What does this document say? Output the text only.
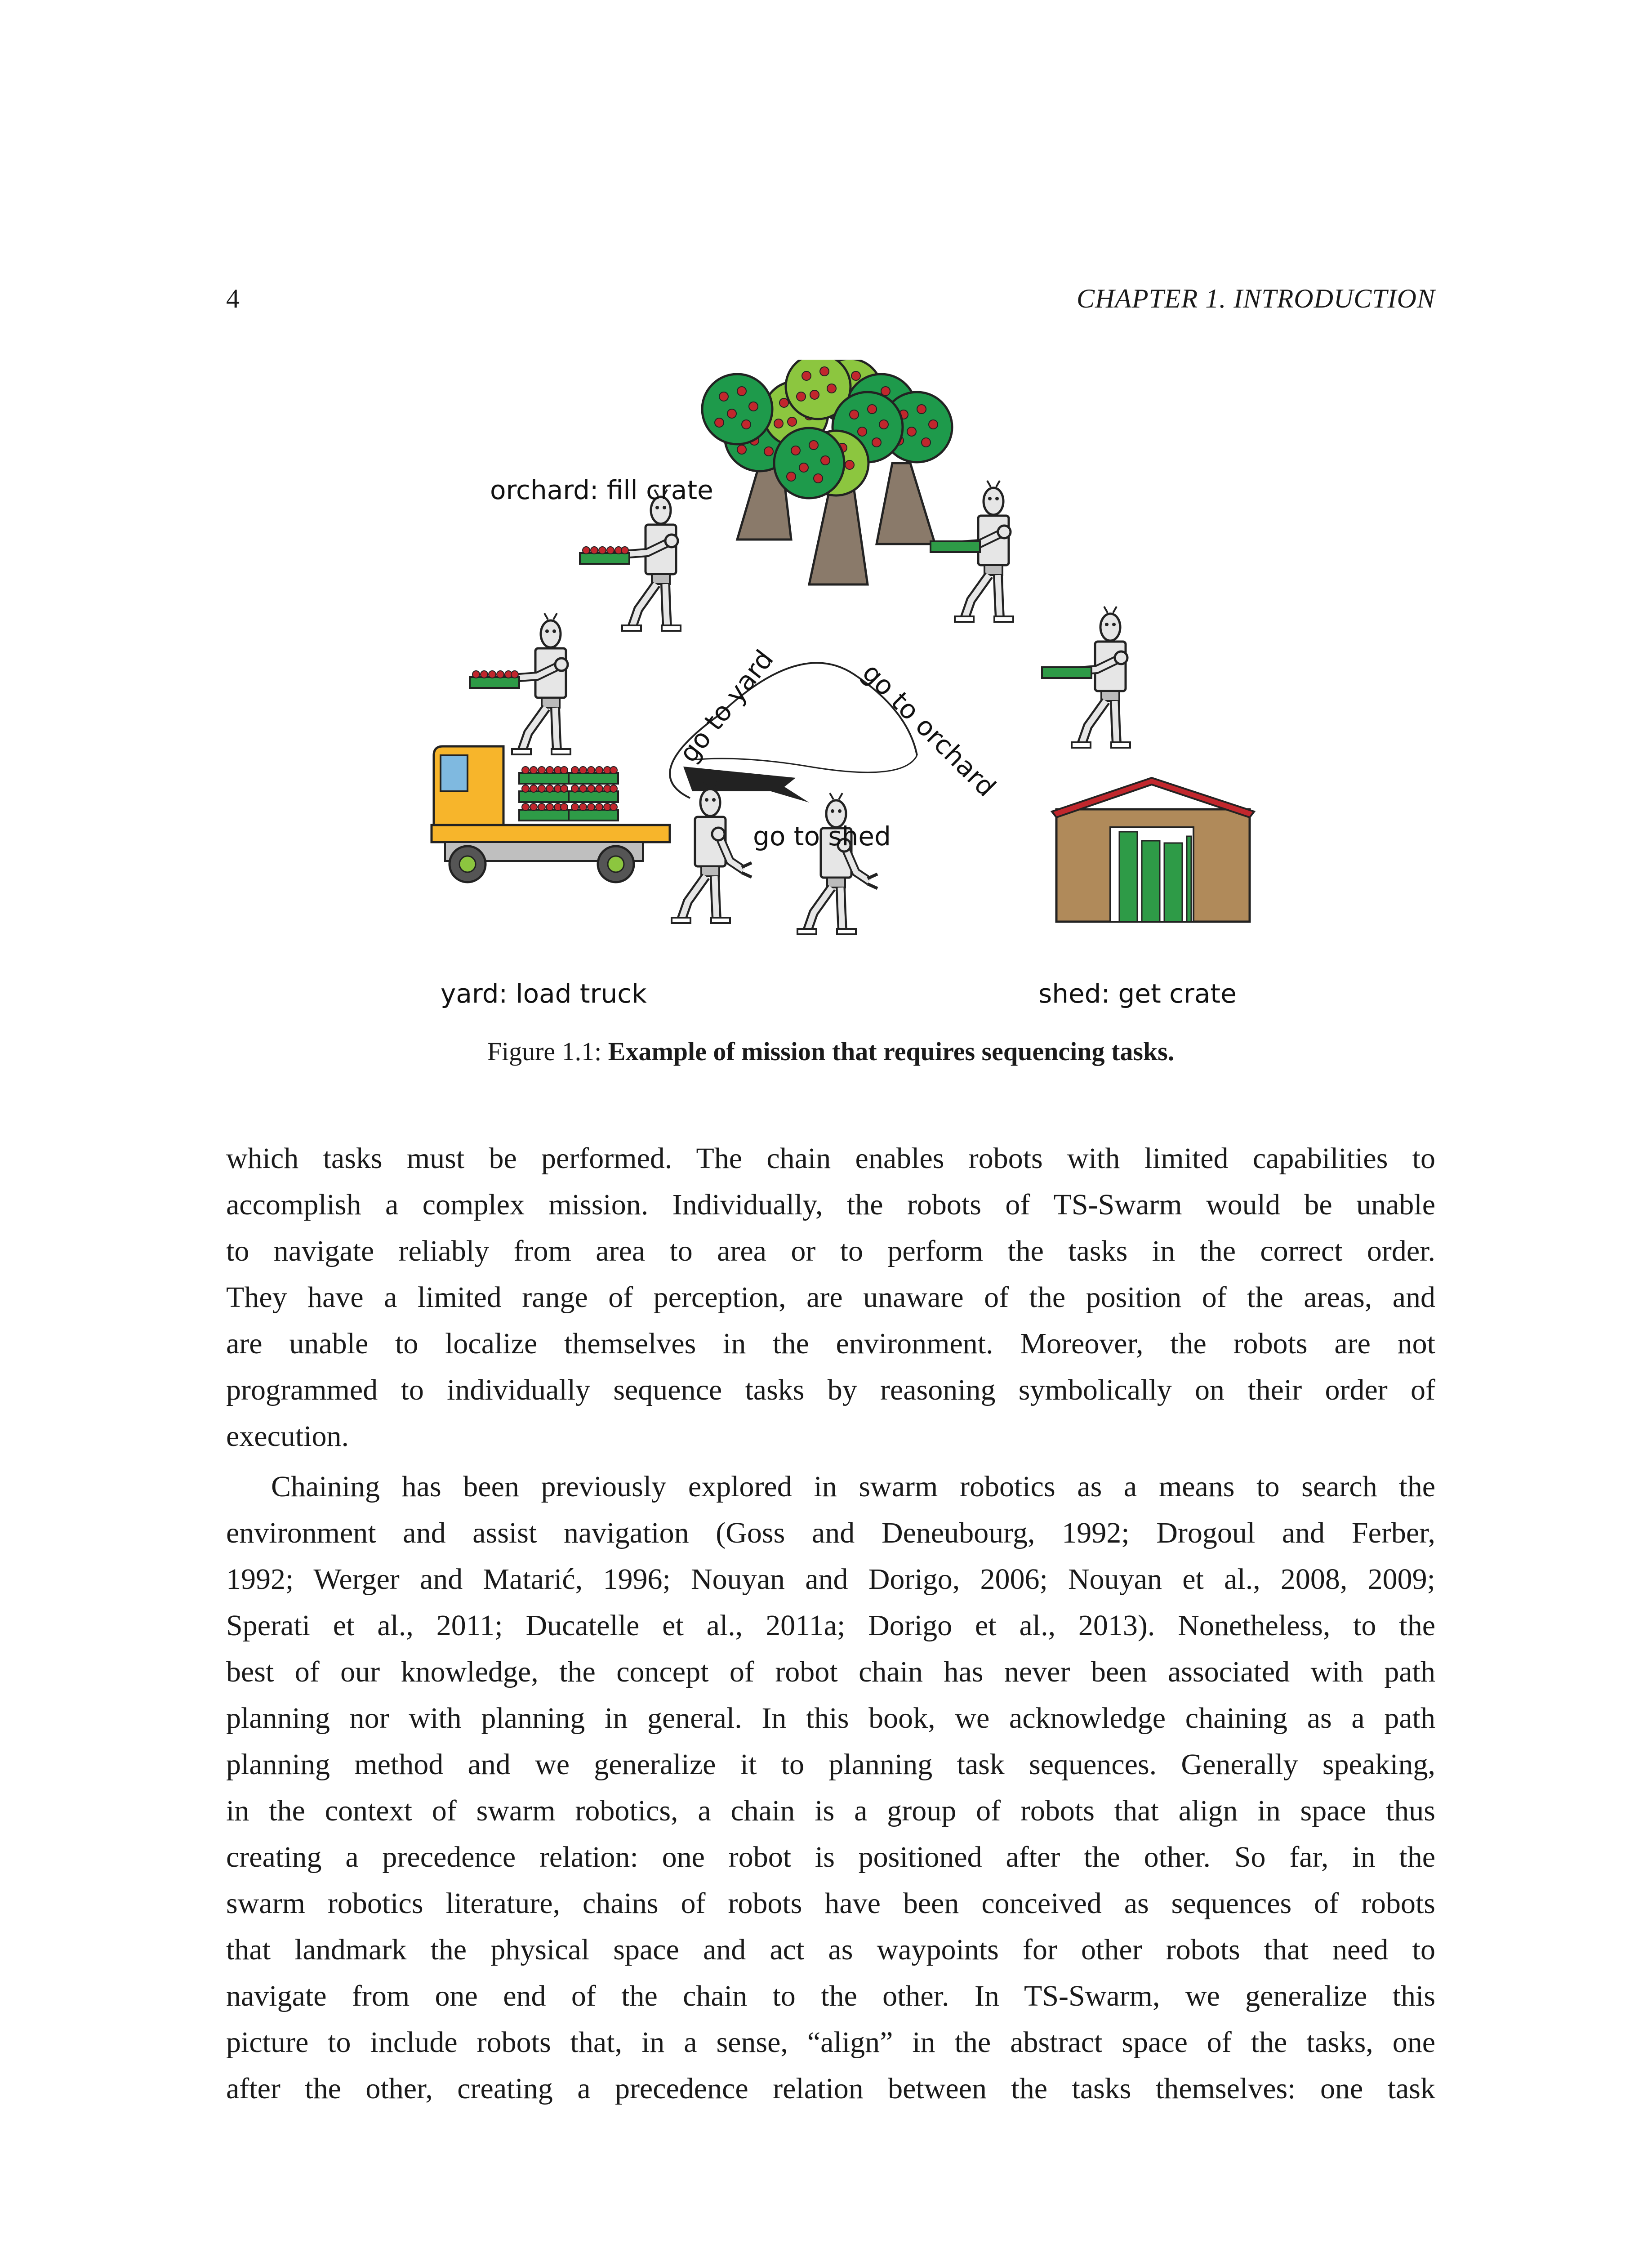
4	CHAPTER 1. INTRODUCTION
orchard: fill crate
yard: load truck	shed: get crate
go to shed
go to yard	go to orchard
Figure 1.1: Example of mission that requires sequencing tasks.
which tasks must be performed. The chain enables robots with limited capabilities to
accomplish a complex mission. Individually, the robots of TS-Swarm would be unable
to navigate reliably from area to area or to perform the tasks in the correct order.
They have a limited range of perception, are unaware of the position of the areas, and
are unable to localize themselves in the environment. Moreover, the robots are not
programmed to individually sequence tasks by reasoning symbolically on their order of
execution.
Chaining has been previously explored in swarm robotics as a means to search the
environment and assist navigation (Goss and Deneubourg, 1992; Drogoul and Ferber,
1992; Werger and Matarić, 1996; Nouyan and Dorigo, 2006; Nouyan et al., 2008, 2009;
Sperati et al., 2011; Ducatelle et al., 2011a; Dorigo et al., 2013). Nonetheless, to the
best of our knowledge, the concept of robot chain has never been associated with path
planning nor with planning in general. In this book, we acknowledge chaining as a path
planning method and we generalize it to planning task sequences. Generally speaking,
in the context of swarm robotics, a chain is a group of robots that align in space thus
creating a precedence relation: one robot is positioned after the other. So far, in the
swarm robotics literature, chains of robots have been conceived as sequences of robots
that landmark the physical space and act as waypoints for other robots that need to
navigate from one end of the chain to the other. In TS-Swarm, we generalize this
picture to include robots that, in a sense, “align” in the abstract space of the tasks, one
after the other, creating a precedence relation between the tasks themselves: one task
